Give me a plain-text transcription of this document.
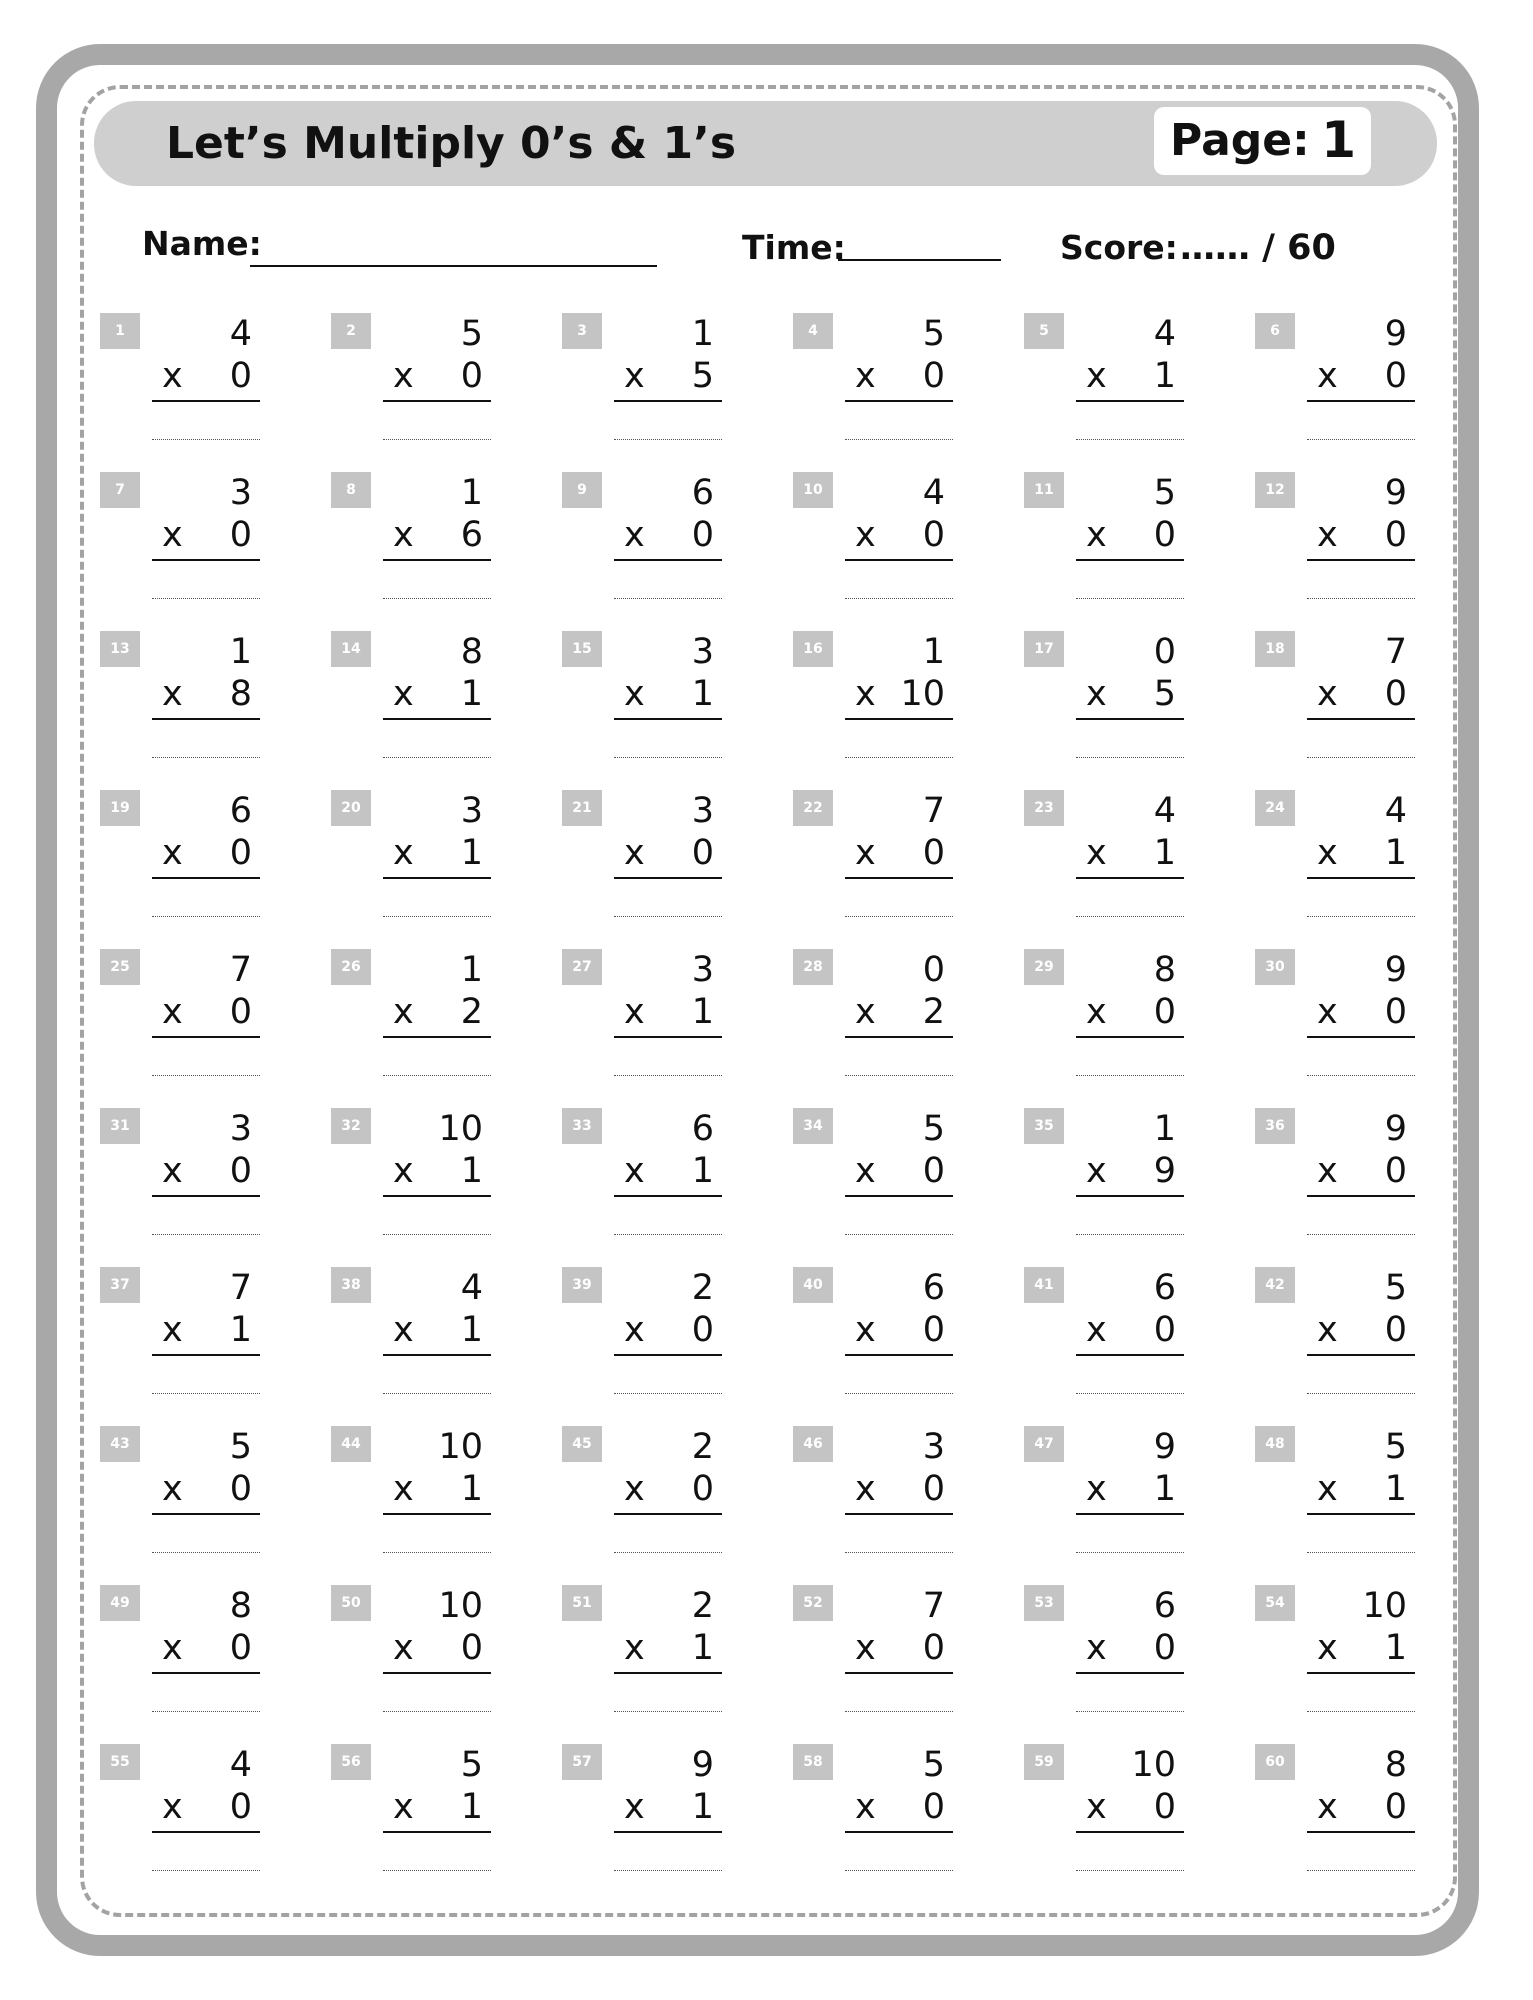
Let’s Multiply 0’s & 1’s	Page: 1
Name:	Time:	Score: …… / 60
1	4
x	0
2	5
x	0
3	1
x	5
4	5
x	0
5	4
x	1
6	9
x	0
7	3
x	0
8	1
x	6
9	6
x	0
10	4
x	0
11	5
x	0
12	9
x	0
13	1
x	8
14	8
x	1
15	3
x	1
16	1
x 10
17	0
x	5
18	7
x	0
19	6
x	0
20	3
x	1
21	3
x	0
22	7
x	0
23	4
x	1
24	4
x	1
25	7
x	0
26	1
x	2
27	3
x	1
28	0
x	2
29	8
x	0
30	9
x	0
31	3
x	0
32	10
x	1
33	6
x	1
34	5
x	0
35	1
x	9
36	9
x	0
37	7
x	1
38	4
x	1
39	2
x	0
40	6
x	0
41	6
x	0
42	5
x	0
43	5
x	0
44	10
x	1
45	2
x	0
46	3
x	0
47	9
x	1
48	5
x	1
49	8
x	0
50	10
x	0
51	2
x	1
52	7
x	0
53	6
x	0
54	10
x	1
55	4
x	0
56	5
x	1
57	9
x	1
58	5
x	0
59	10
x	0
60	8
x	0
